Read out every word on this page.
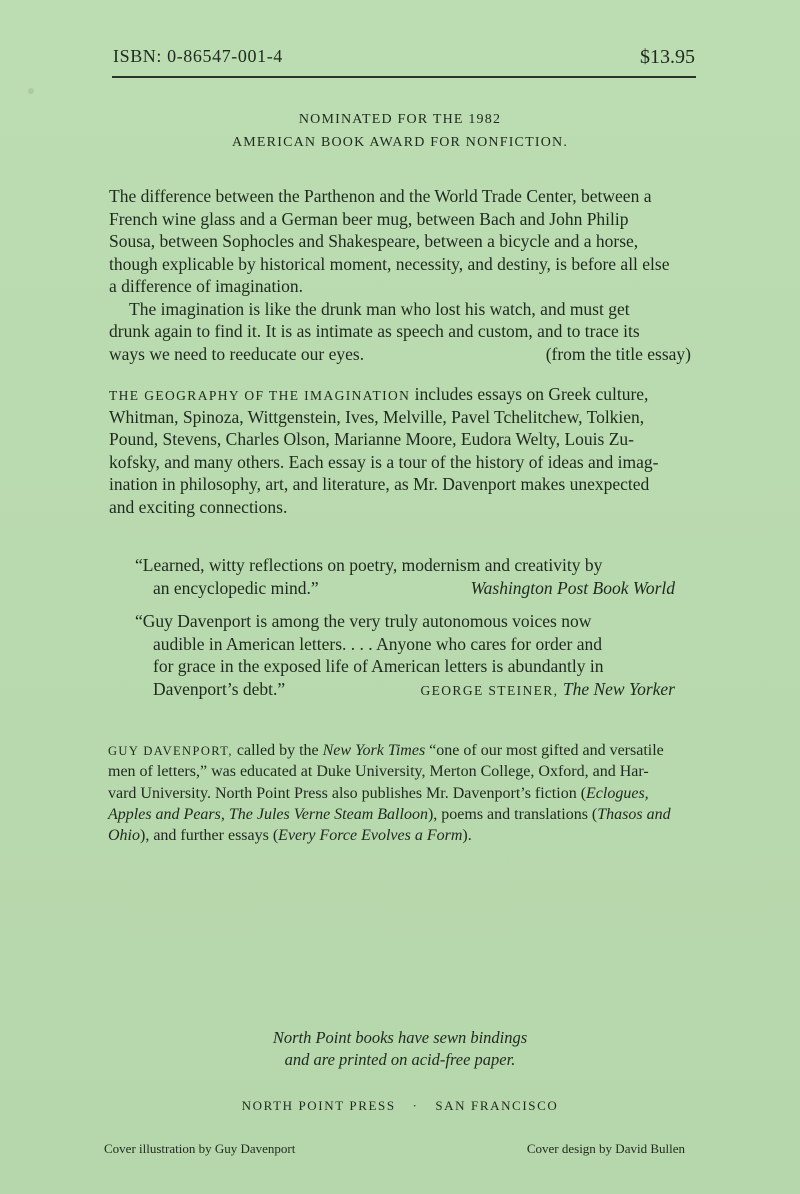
ISBN: 0-86547-001-4	$13.95
NOMINATED FOR THE 1982
AMERICAN BOOK AWARD FOR NONFICTION.
The difference between the Parthenon and the World Trade Center, between a
French wine glass and a German beer mug, between Bach and John Philip
Sousa, between Sophocles and Shakespeare, between a bicycle and a horse,
though explicable by historical moment, necessity, and destiny, is before all else
a difference of imagination.
The imagination is like the drunk man who lost his watch, and must get
drunk again to find it. It is as intimate as speech and custom, and to trace its
ways we need to reeducate our eyes.	(from the title essay)
THE GEOGRAPHY OF THE IMAGINATION includes essays on Greek culture,
Whitman, Spinoza, Wittgenstein, Ives, Melville, Pavel Tchelitchew, Tolkien,
Pound, Stevens, Charles Olson, Marianne Moore, Eudora Welty, Louis Zu-
kofsky, and many others. Each essay is a tour of the history of ideas and imag-
ination in philosophy, art, and literature, as Mr. Davenport makes unexpected
and exciting connections.
“Learned, witty reflections on poetry, modernism and creativity by
an encyclopedic mind.”	Washington Post Book World
“Guy Davenport is among the very truly autonomous voices now
audible in American letters. . . . Anyone who cares for order and
for grace in the exposed life of American letters is abundantly in
Davenport’s debt.”	GEORGE STEINER, The New Yorker
GUY DAVENPORT, called by the New York Times “one of our most gifted and versatile
men of letters,” was educated at Duke University, Merton College, Oxford, and Har-
vard University. North Point Press also publishes Mr. Davenport’s fiction (Eclogues,
Apples and Pears, The Jules Verne Steam Balloon), poems and translations (Thasos and
Ohio), and further essays (Every Force Evolves a Form).
North Point books have sewn bindings
and are printed on acid-free paper.
NORTH POINT PRESS · SAN FRANCISCO
Cover illustration by Guy Davenport	Cover design by David Bullen
